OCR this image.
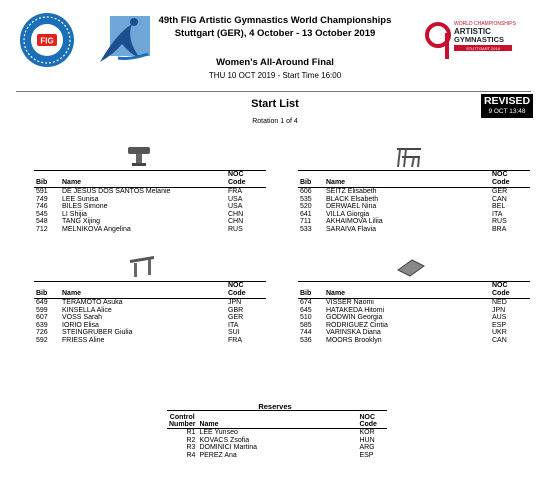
FIG
WORLD CHAMPIONSHIPS
ARTISTIC
GYMNASTICS
STUTTGART 2019
49th FIG Artistic Gymnastics World Championships
Stuttgart (GER), 4 October - 13 October 2019
Women's All-Around Final
THU 10 OCT 2019 - Start Time 16:00
Start List
Rotation 1 of 4
REVISED
9 OCT 13:48
Bib	Name	NOC
Code
591	DE JESUS DOS SANTOS Melanie	FRA
749	LEE Sunisa	USA
746	BILES Simone	USA
545	LI Shijia	CHN
548	TANG Xijing	CHN
712	MELNIKOVA Angelina	RUS
Bib	Name	NOC
Code
606	SEITZ Elisabeth	GER
535	BLACK Elsabeth	CAN
520	DERWAEL Nina	BEL
641	VILLA Giorgia	ITA
711	AKHAIMOVA Liliia	RUS
533	SARAIVA Flavia	BRA
Bib	Name	NOC
Code
649	TERAMOTO Asuka	JPN
599	KINSELLA Alice	GBR
607	VOSS Sarah	GER
639	IORIO Elisa	ITA
726	STEINGRUBER Giulia	SUI
592	FRIESS Aline	FRA
Bib	Name	NOC
Code
674	VISSER Naomi	NED
645	HATAKEDA Hitomi	JPN
510	GODWIN Georgia	AUS
585	RODRIGUEZ Cintia	ESP
744	VARINSKA Diana	UKR
536	MOORS Brooklyn	CAN
Reserves
Control
Number	Name	NOC
Code
R1	LEE Yunseo	KOR
R2	KOVACS Zsofia	HUN
R3	DOMINICI Martina	ARG
R4	PEREZ Ana	ESP
